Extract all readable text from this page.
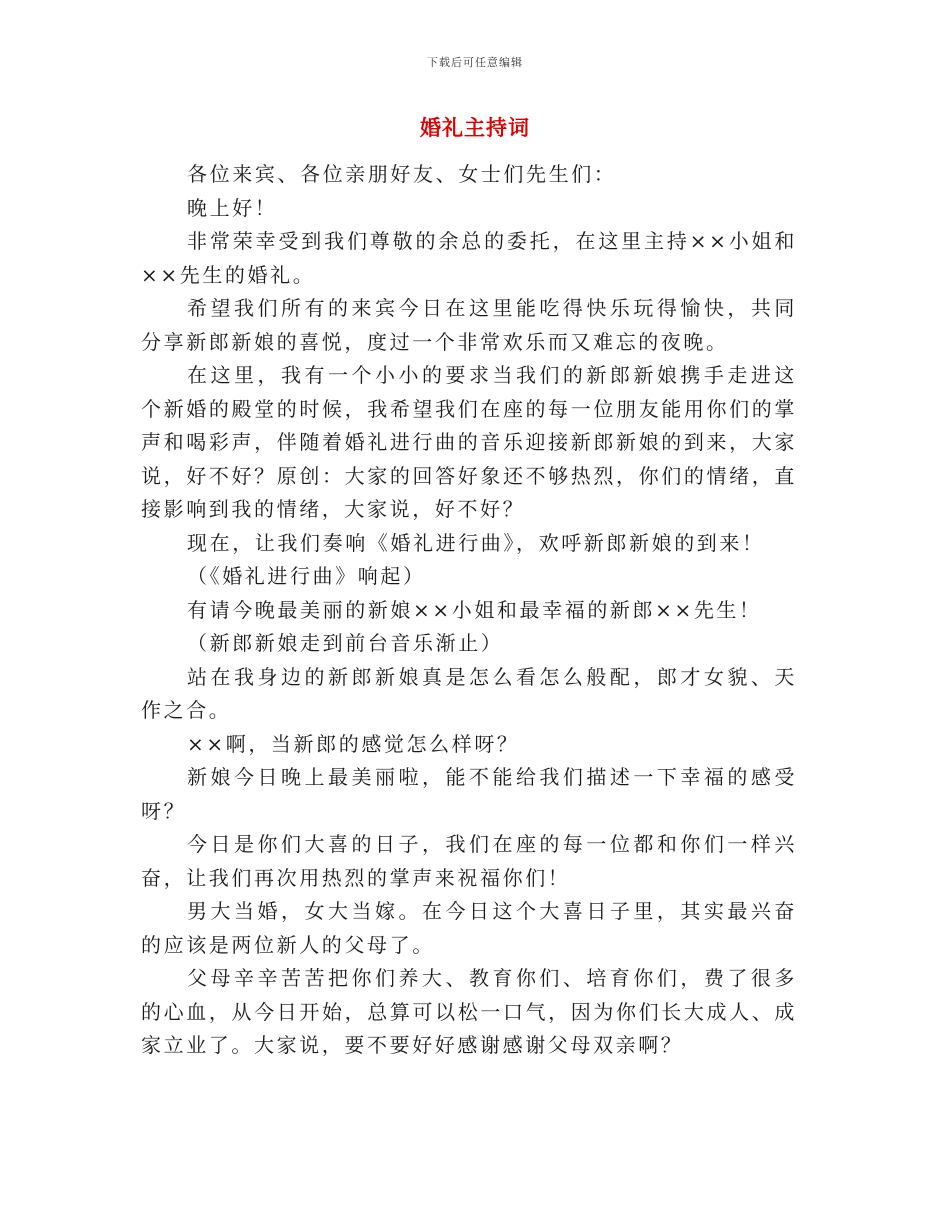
下载后可任意编辑
婚礼主持词

各位来宾、各位亲朋好友、女士们先生们：

晚上好！

非常荣幸受到我们尊敬的余总的委托，在这里主持××小姐和××先生的婚礼。

希望我们所有的来宾今日在这里能吃得快乐玩得愉快，共同分享新郎新娘的喜悦，度过一个非常欢乐而又难忘的夜晚。

在这里，我有一个小小的要求当我们的新郎新娘携手走进这个新婚的殿堂的时候，我希望我们在座的每一位朋友能用你们的掌声和喝彩声，伴随着婚礼进行曲的音乐迎接新郎新娘的到来，大家说，好不好？原创：大家的回答好象还不够热烈，你们的情绪，直接影响到我的情绪，大家说，好不好？

现在，让我们奏响《婚礼进行曲》，欢呼新郎新娘的到来！

（《婚礼进行曲》响起）

有请今晚最美丽的新娘××小姐和最幸福的新郎××先生！

（新郎新娘走到前台音乐渐止）

站在我身边的新郎新娘真是怎么看怎么般配，郎才女貌、天作之合。

××啊，当新郎的感觉怎么样呀？

新娘今日晚上最美丽啦，能不能给我们描述一下幸福的感受呀？

今日是你们大喜的日子，我们在座的每一位都和你们一样兴奋，让我们再次用热烈的掌声来祝福你们！

男大当婚，女大当嫁。在今日这个大喜日子里，其实最兴奋的应该是两位新人的父母了。

父母辛辛苦苦把你们养大、教育你们、培育你们，费了很多的心血，从今日开始，总算可以松一口气，因为你们长大成人、成家立业了。大家说，要不要好好感谢感谢父母双亲啊？
